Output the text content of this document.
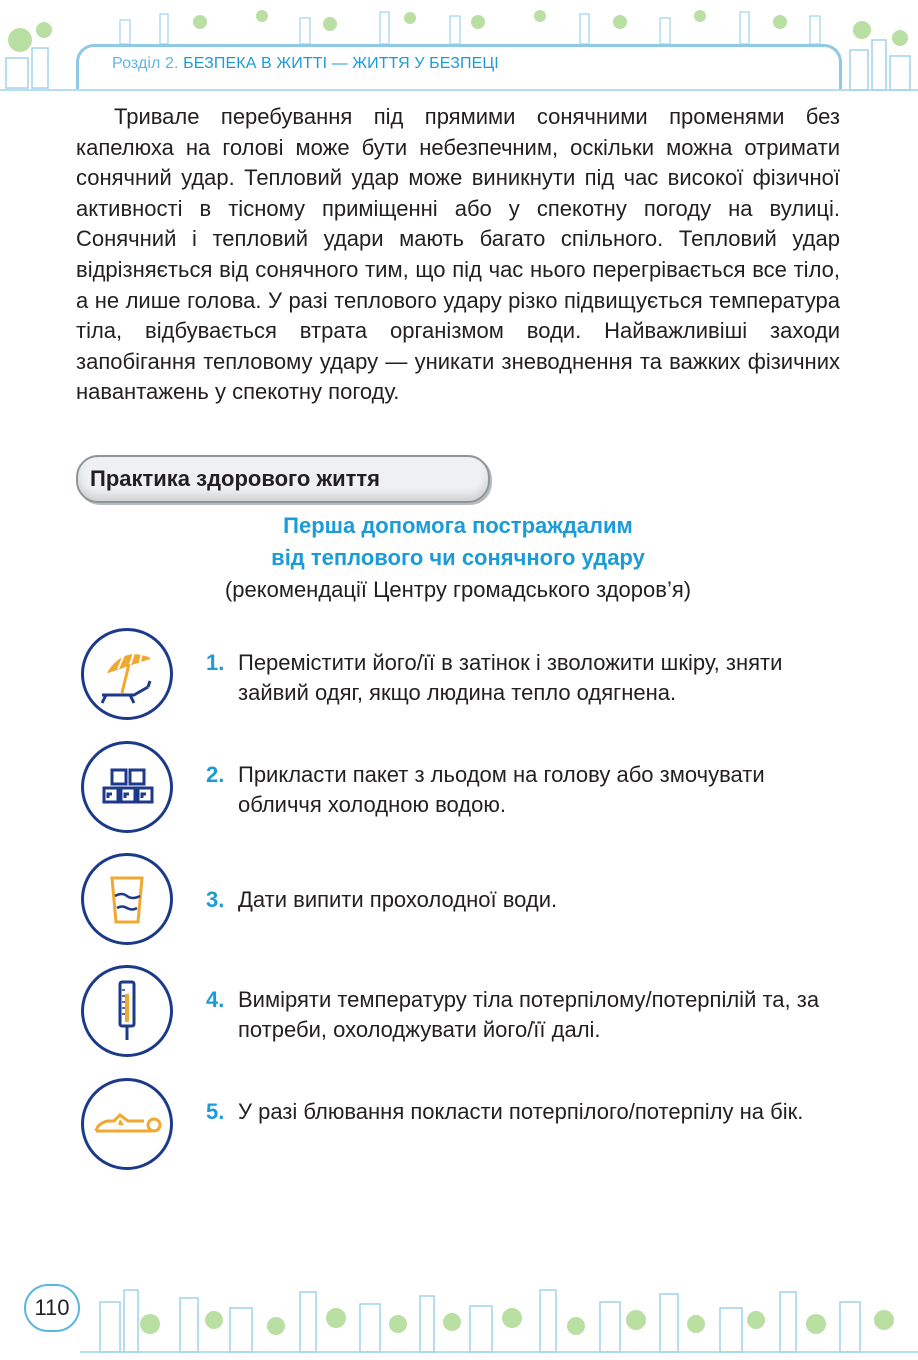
Розділ 2. БЕЗПЕКА В ЖИТТІ — ЖИТТЯ У БЕЗПЕЦІ

Тривале перебування під прямими сонячними променями без капелюха на голові може бути небезпечним, оскільки можна отримати сонячний удар. Тепловий удар може виникнути під час високої фізичної активності в тісному приміщенні або у спекотну погоду на вулиці. Сонячний і тепловий удари мають багато спільного. Тепловий удар відрізняється від сонячного тим, що під час нього перегрівається все тіло, а не лише голова. У разі теплового удару різко підвищується температура тіла, відбувається втрата організмом води. Найважливіші заходи запобігання тепловому удару — уникати зневоднення та важких фізичних навантажень у спекотну погоду.

Практика здорового життя

Перша допомога постраждалим

від теплового чи сонячного удару

(рекомендації Центру громадського здоров’я)

1. Перемістити його/її в затінок і зволожити шкіру, зняти зайвий одяг, якщо людина тепло одягнена.
2. Прикласти пакет з льодом на голову або змочувати обличчя холодною водою.
3. Дати випити прохолодної води.
4. Виміряти температуру тіла потерпілому/потерпілій та, за потреби, охолоджувати його/її далі.
5. У разі блювання покласти потерпілого/потерпілу на бік.
110
